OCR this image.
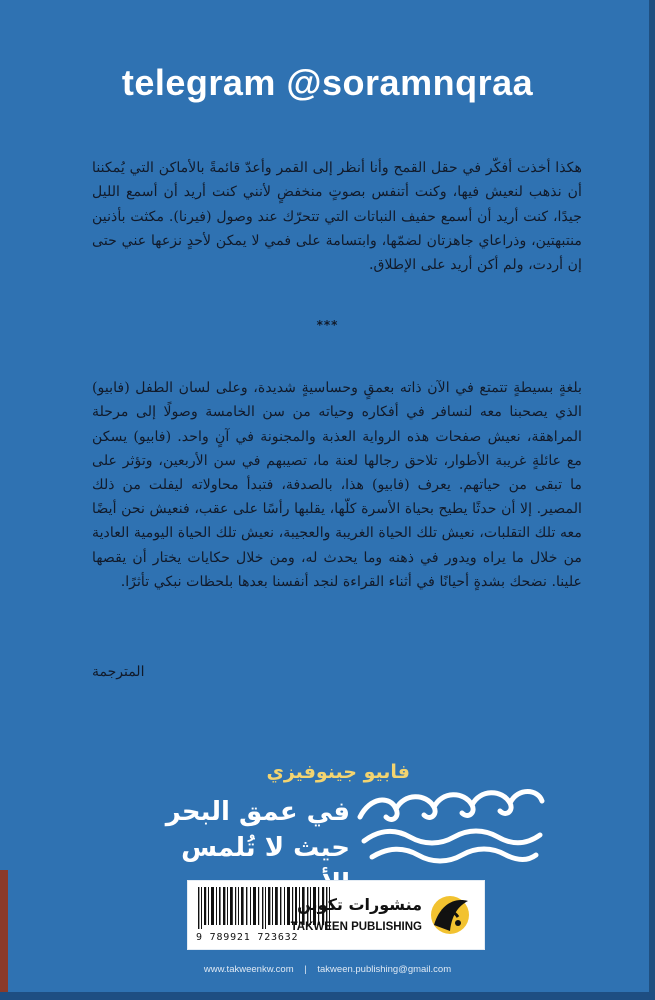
telegram @soramnqraa

هكذا أخذت أفكّر في حقل القمح وأنا أنظر إلى القمر وأعدّ قائمةً بالأماكن التي يُمكننا أن نذهب لنعيش فيها، وكنت أتنفس بصوتٍ منخفضٍ لأنني كنت أريد أن أسمع الليل جيدًا، كنت أريد أن أسمع حفيف النباتات التي تتحرّك عند وصول (فيرنا). مكثت بأذنين منتبهتين، وذراعاي جاهزتان لضمّها، وابتسامة على فمي لا يمكن لأحدٍ نزعها عني حتى إن أردت، ولم أكن أريد على الإطلاق.

***

بلغةٍ بسيطةٍ تتمتع في الآن ذاته بعمقٍ وحساسيةٍ شديدة، وعلى لسان الطفل (فابيو) الذي يصحبنا معه لنسافر في أفكاره وحياته من سن الخامسة وصولًا إلى مرحلة المراهقة، نعيش صفحات هذه الرواية العذبة والمجنونة في آنٍ واحد. (فابيو) يسكن مع عائلةٍ غريبة الأطوار، تلاحق رجالها لعنة ما، تصيبهم في سن الأربعين، وتؤثر على ما تبقى من حياتهم. يعرف (فابيو) هذا، بالصدفة، فتبدأ محاولاته ليفلت من ذلك المصير. إلا أن حدثًا يطيح بحياة الأسرة كلّها، يقلبها رأسًا على عقب، فنعيش نحن أيضًا معه تلك التقلبات، نعيش تلك الحياة الغريبة والعجيبة، نعيش تلك الحياة اليومية العادية من خلال ما يراه ويدور في ذهنه وما يحدث له، ومن خلال حكايات يختار أن يقصها علينا. نضحك بشدةٍ أحيانًا في أثناء القراءة لنجد أنفسنا بعدها بلحظات نبكي تأثرًا.

المترجمة
فابيو جينوفيزي
في عمق البحر
حيث لا تُلمس
9 789921 723632
منشورات تكوين
TAKWEEN PUBLISHING
www.takweenkw.com | takween.publishing@gmail.com
